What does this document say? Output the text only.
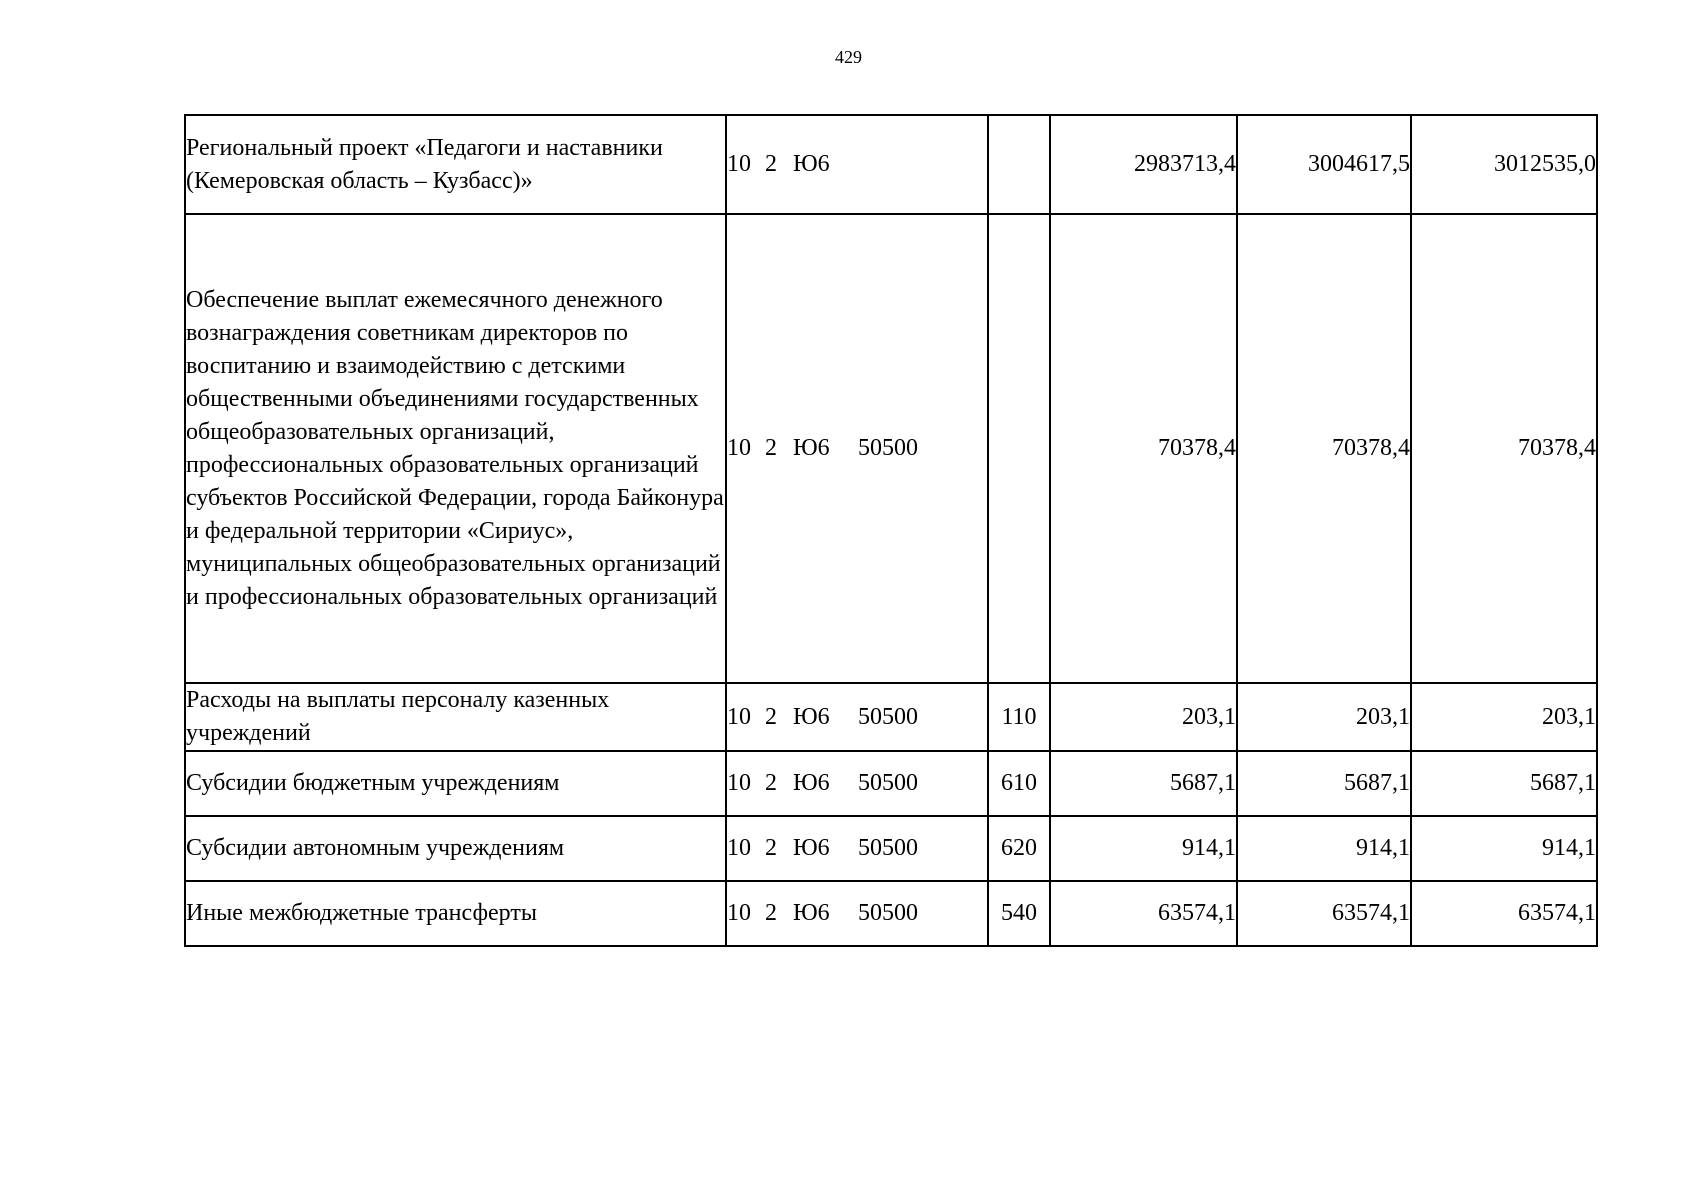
429
Региональный проект «Педагоги и наставники (Кемеровская область – Кузбасс)»	10 2 Ю6		2983713,4	3004617,5	3012535,0
Обеспечение выплат ежемесячного денежного вознаграждения советникам директоров по воспитанию и взаимодействию с детскими общественными объединениями государственных общеобразовательных организаций, профессиональных образовательных организаций субъектов Российской Федерации, города Байконура и федеральной территории «Сириус», муниципальных общеобразовательных организаций и профессиональных образовательных организаций	10 2 Ю6 50500		70378,4	70378,4	70378,4
Расходы на выплаты персоналу казенных учреждений	10 2 Ю6 50500	110	203,1	203,1	203,1
Субсидии бюджетным учреждениям	10 2 Ю6 50500	610	5687,1	5687,1	5687,1
Субсидии автономным учреждениям	10 2 Ю6 50500	620	914,1	914,1	914,1
Иные межбюджетные трансферты	10 2 Ю6 50500	540	63574,1	63574,1	63574,1
